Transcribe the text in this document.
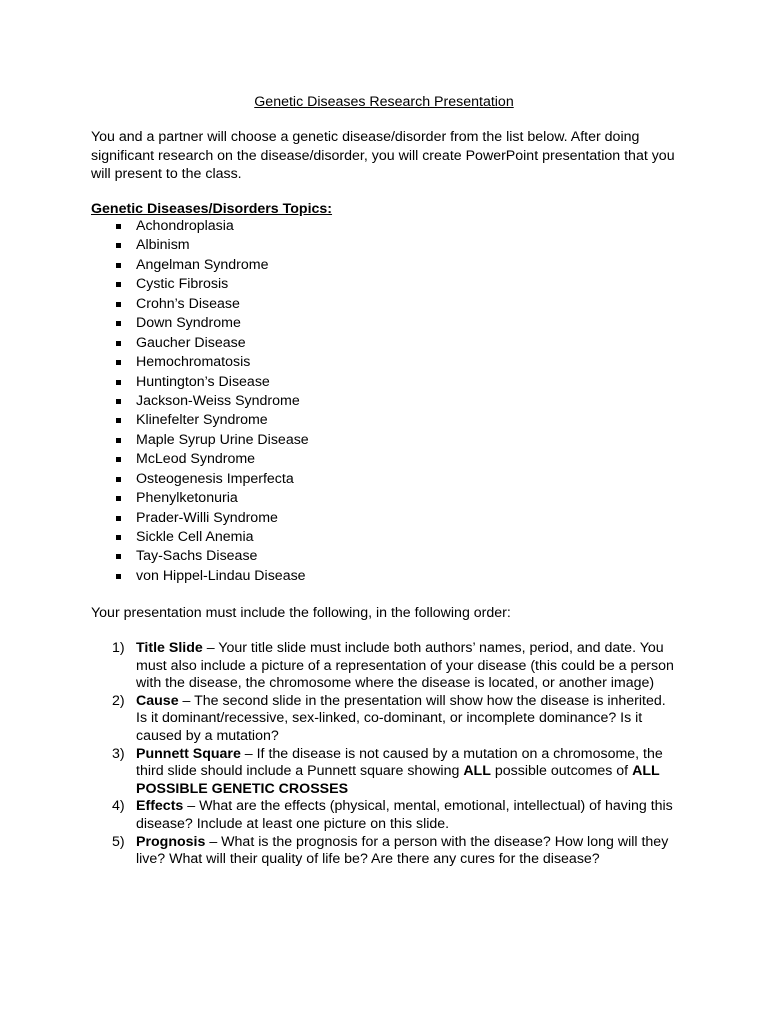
Genetic Diseases Research Presentation

You and a partner will choose a genetic disease/disorder from the list below. After doing significant research on the disease/disorder, you will create PowerPoint presentation that you will present to the class.

Genetic Diseases/Disorders Topics:
Achondroplasia
Albinism
Angelman Syndrome
Cystic Fibrosis
Crohn’s Disease
Down Syndrome
Gaucher Disease
Hemochromatosis
Huntington’s Disease
Jackson-Weiss Syndrome
Klinefelter Syndrome
Maple Syrup Urine Disease
McLeod Syndrome
Osteogenesis Imperfecta
Phenylketonuria
Prader-Willi Syndrome
Sickle Cell Anemia
Tay-Sachs Disease
von Hippel-Lindau Disease
Your presentation must include the following, in the following order:
1) Title Slide – Your title slide must include both authors’ names, period, and date. You must also include a picture of a representation of your disease (this could be a person with the disease, the chromosome where the disease is located, or another image)
2) Cause – The second slide in the presentation will show how the disease is inherited. Is it dominant/recessive, sex-linked, co-dominant, or incomplete dominance? Is it caused by a mutation?
3) Punnett Square – If the disease is not caused by a mutation on a chromosome, the third slide should include a Punnett square showing ALL possible outcomes of ALL POSSIBLE GENETIC CROSSES
4) Effects – What are the effects (physical, mental, emotional, intellectual) of having this disease? Include at least one picture on this slide.
5) Prognosis – What is the prognosis for a person with the disease? How long will they live? What will their quality of life be? Are there any cures for the disease?
